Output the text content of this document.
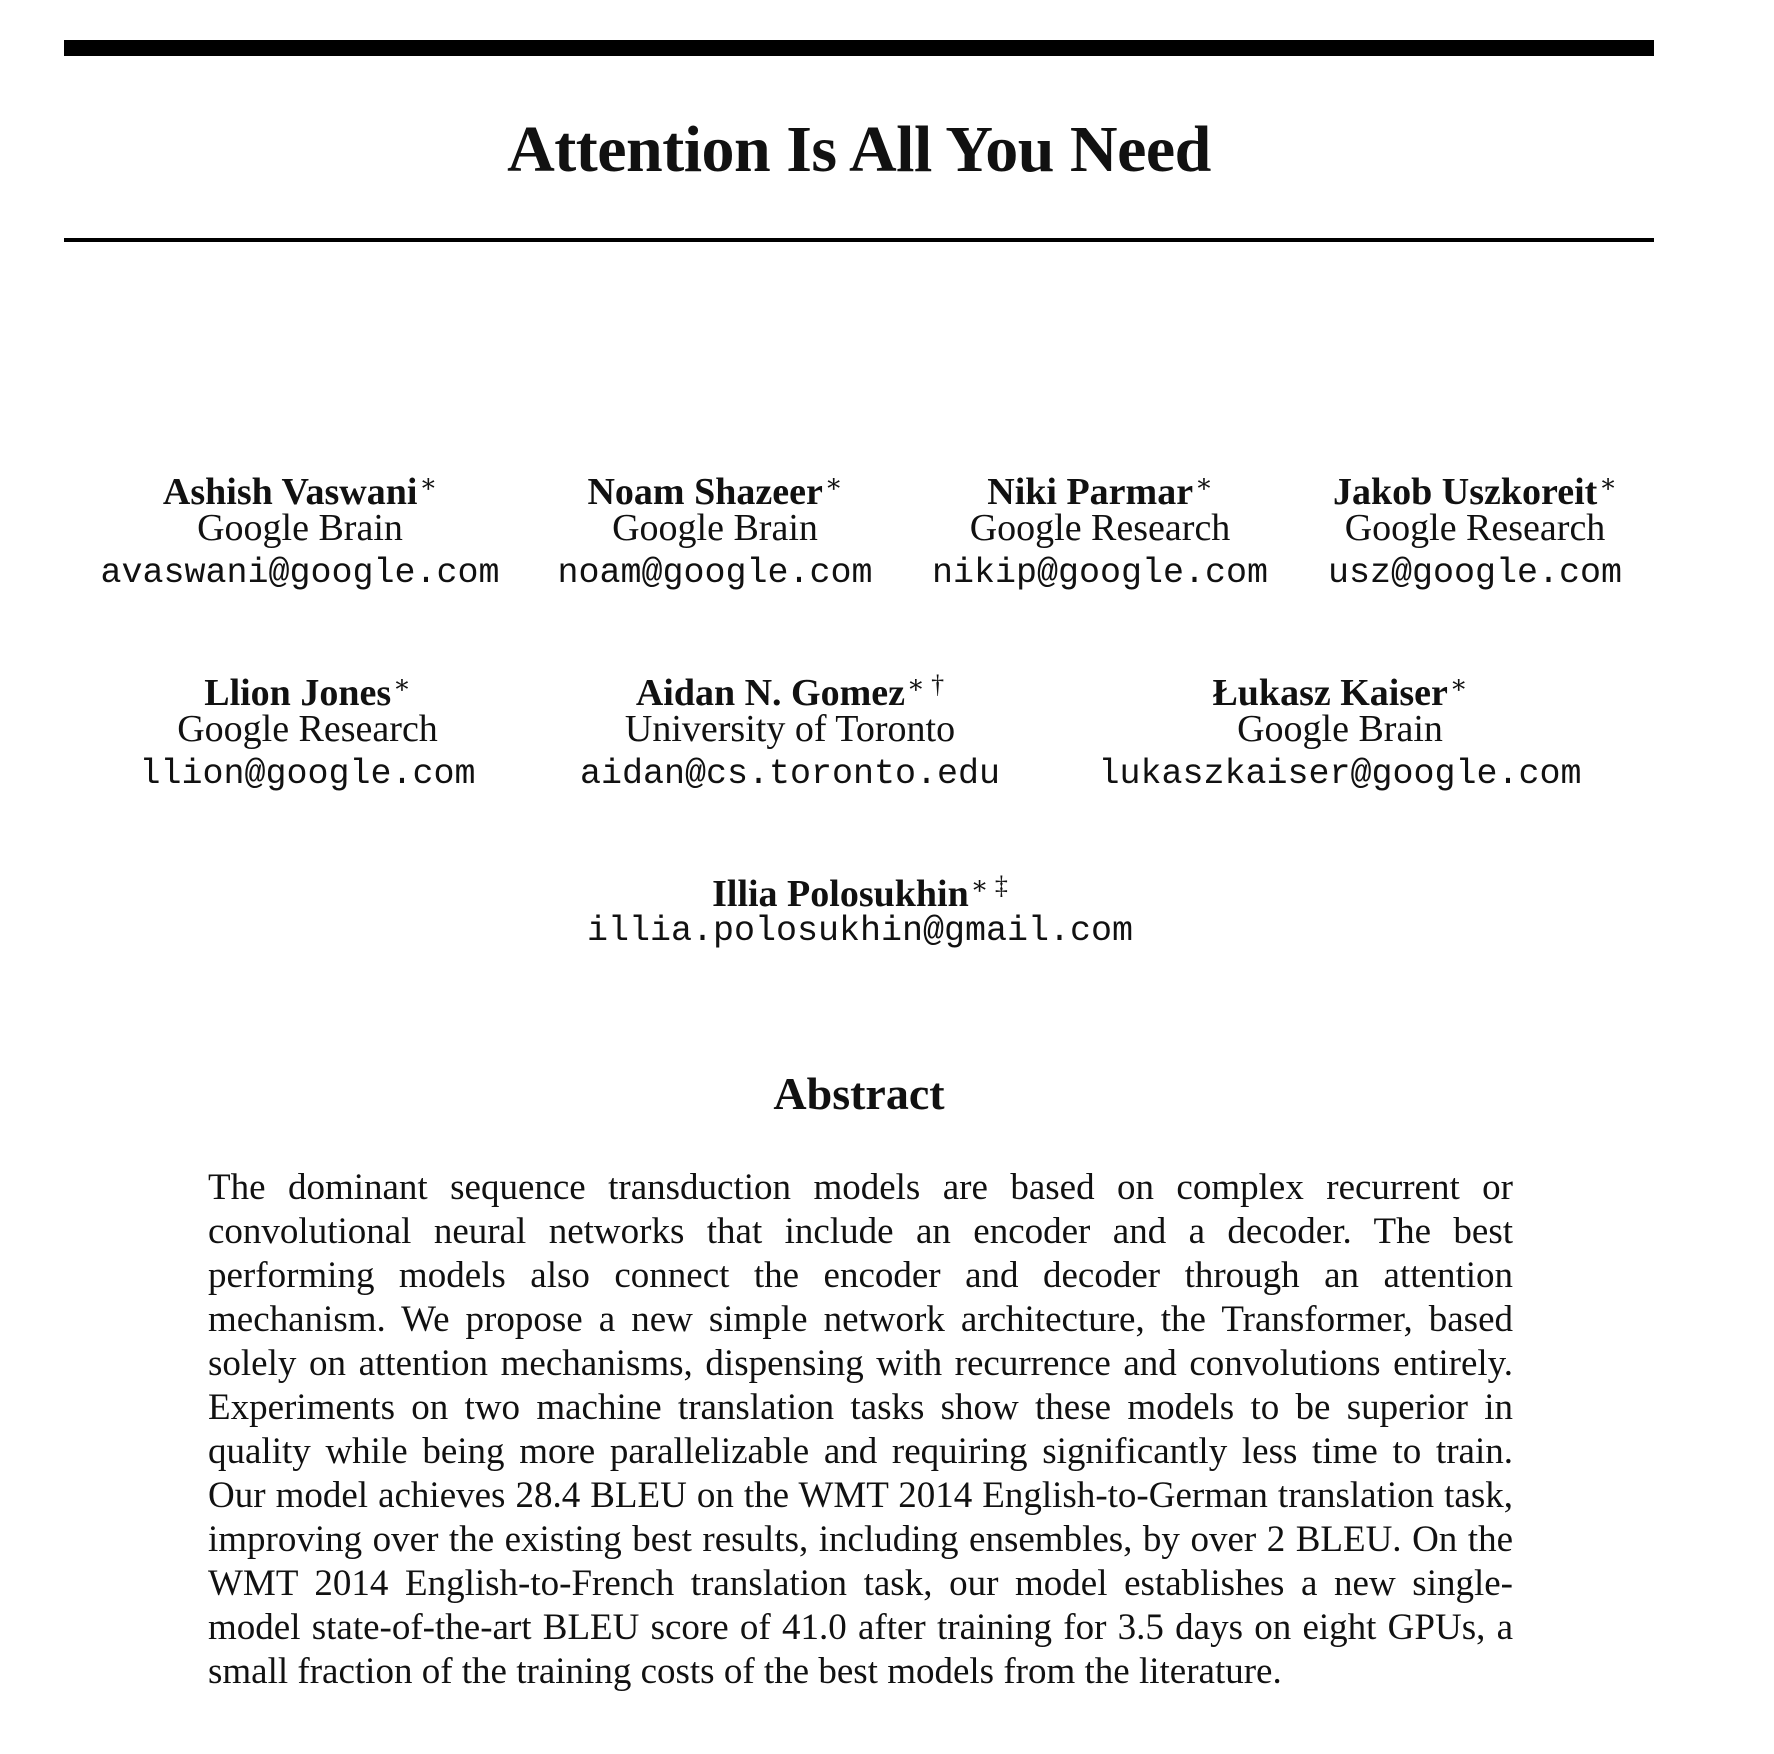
Attention Is All You Need
Ashish Vaswani∗
Google Brain
avaswani@google.com
Noam Shazeer∗
Google Brain
noam@google.com
Niki Parmar∗
Google Research
nikip@google.com
Jakob Uszkoreit∗
Google Research
usz@google.com
Llion Jones∗
Google Research
llion@google.com
Aidan N. Gomez∗ †
University of Toronto
aidan@cs.toronto.edu
Łukasz Kaiser∗
Google Brain
lukaszkaiser@google.com
Illia Polosukhin∗ ‡
illia.polosukhin@gmail.com
Abstract
The dominant sequence transduction models are based on complex recurrent or convolutional neural networks that include an encoder and a decoder. The best performing models also connect the encoder and decoder through an attention mechanism. We propose a new simple network architecture, the Transformer, based solely on attention mechanisms, dispensing with recurrence and convolutions entirely. Experiments on two machine translation tasks show these models to be superior in quality while being more parallelizable and requiring significantly less time to train. Our model achieves 28.4 BLEU on the WMT 2014 English-to-German translation task, improving over the existing best results, including ensembles, by over 2 BLEU. On the WMT 2014 English-to-French translation task, our model establishes a new single-model state-of-the-art BLEU score of 41.0 after training for 3.5 days on eight GPUs, a small fraction of the training costs of the best models from the literature.
